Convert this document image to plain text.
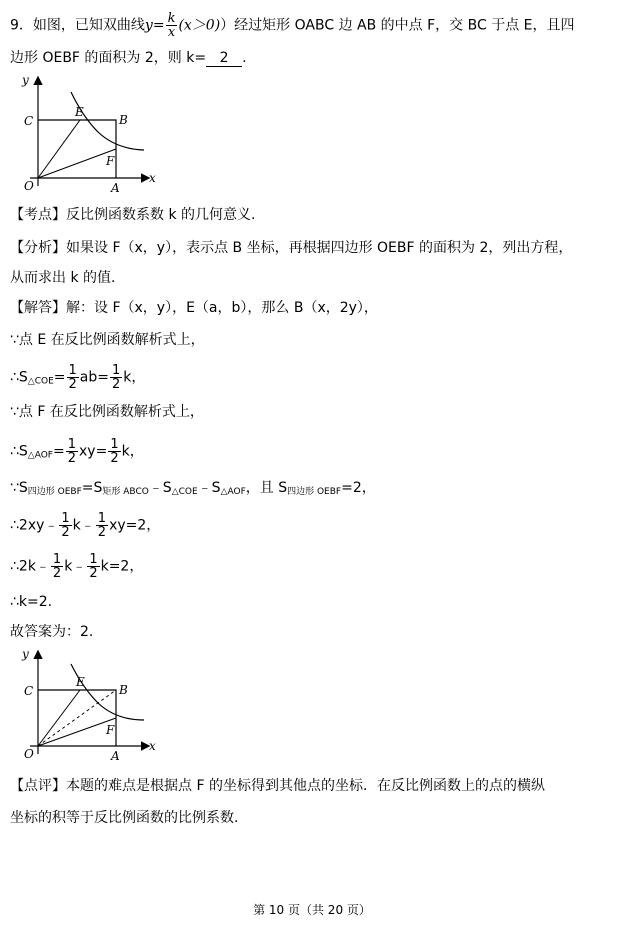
9．如图，已知双曲线$y= \frac{k}{x} (x>0)$）经过矩形 OABC 边 AB 的中点 F，交 BC 于点 E，且四
边形 OEBF 的面积为 2，则 k= 2 .
y
C
E
B
F
O	A
x
【考点】反比例函数系数 k 的几何意义.
【分析】如果设 F（x，y），表示点 B 坐标，再根据四边形 OEBF 的面积为 2，列出方程，
从而求出 k 的值.
【解答】解：设 F（x，y），E（a，b），那么 B（x，2y），
∵点 E 在反比例函数解析式上，
$\therefore S_{\triangle COE}= \frac{1}{2} ab= \frac{1}{2}$ k，
∵点 F 在反比例函数解析式上，
$\therefore S_{\triangle AOF}= \frac{1}{2} xy= \frac{1}{2}$ k，
$\because S_{四边形 OEBF}=S_{矩形 ABCO}﹣S_{\triangle COE}﹣S_{\triangle AOF}$，且 $S_{四边形 OEBF}=2$，
∴2xy﹣ $\frac{1}{2}$ k﹣ $\frac{1}{2} xy=2$，
∴2k﹣ $\frac{1}{2}$ k﹣ $\frac{1}{2} k=2$，
∴k=2.
故答案为：2.
y
C
E
B
F
O	A
x
【点评】本题的难点是根据点 F 的坐标得到其他点的坐标．在反比例函数上的点的横纵
坐标的积等于反比例函数的比例系数.
第 10 页（共 20 页）
